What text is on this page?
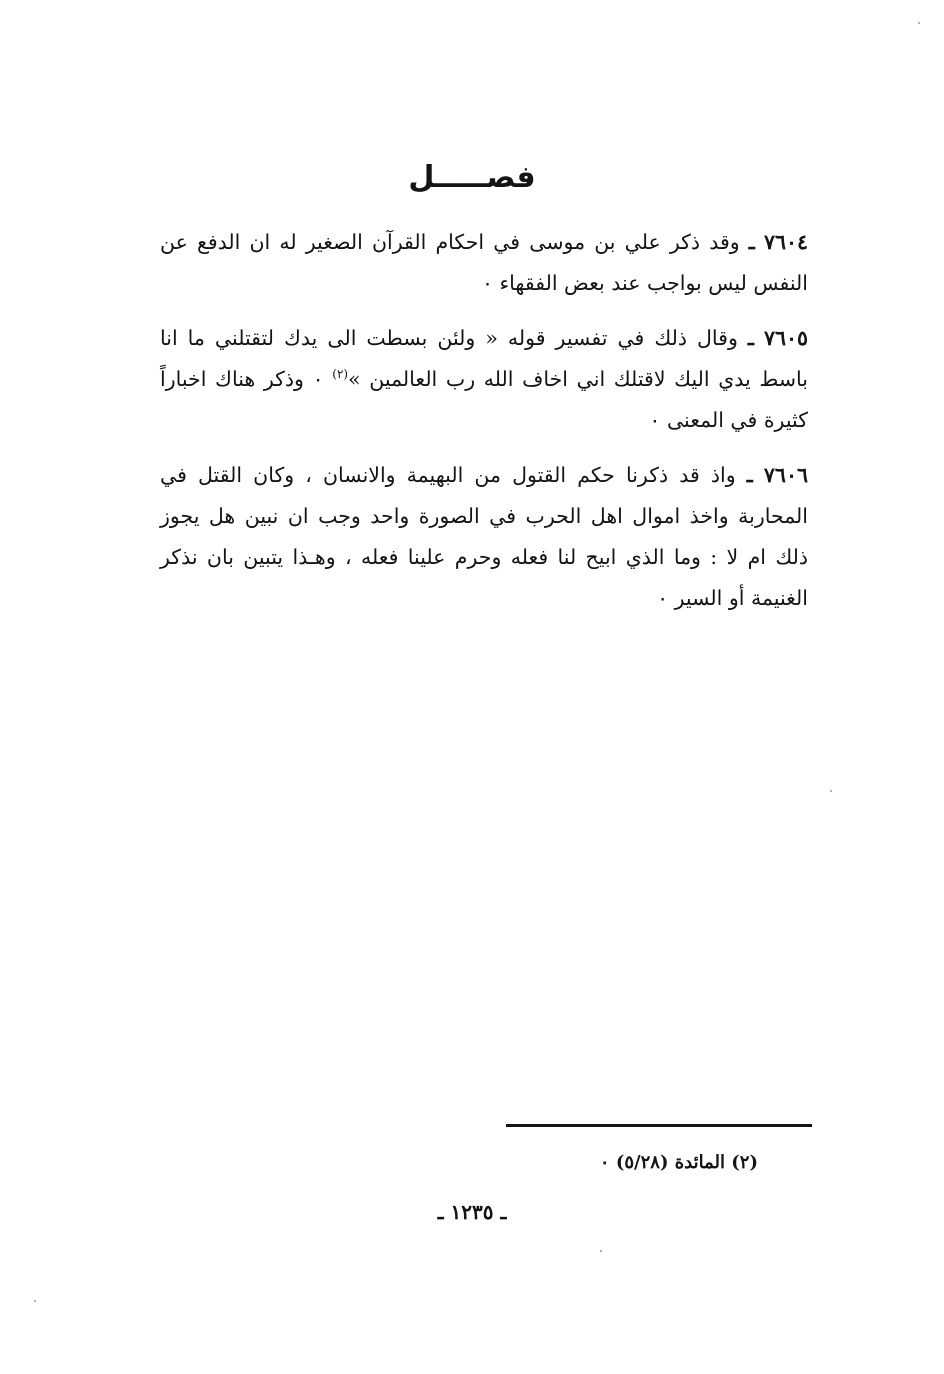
فصـــــل

٧٦٠٤ ـ وقد ذكر علي بن موسى في احكام القرآن الصغير له ان الدفع عن النفس ليس بواجب عند بعض الفقهاء ٠

٧٦٠٥ ـ وقال ذلك في تفسير قوله « ولئن بسطت الى يدك لتقتلني ما انا باسط يدي اليك لاقتلك اني اخاف الله رب العالمين »$^{(٢)}$ ٠ وذكر هناك اخباراً كثيرة في المعنى ٠

٧٦٠٦ ـ واذ قد ذكرنا حكم القتول من البهيمة والانسان ، وكان القتل في المحاربة واخذ اموال اهل الحرب في الصورة واحد وجب ان نبين هل يجوز ذلك ام لا : وما الذي ابيح لنا فعله وحرم علينا فعله ، وهـذا يتبين بان نذكر الغنيمة أو السير ٠

(٢) المائدة (٥/٢٨) ٠
ـ ١٢٣٥ ـ
